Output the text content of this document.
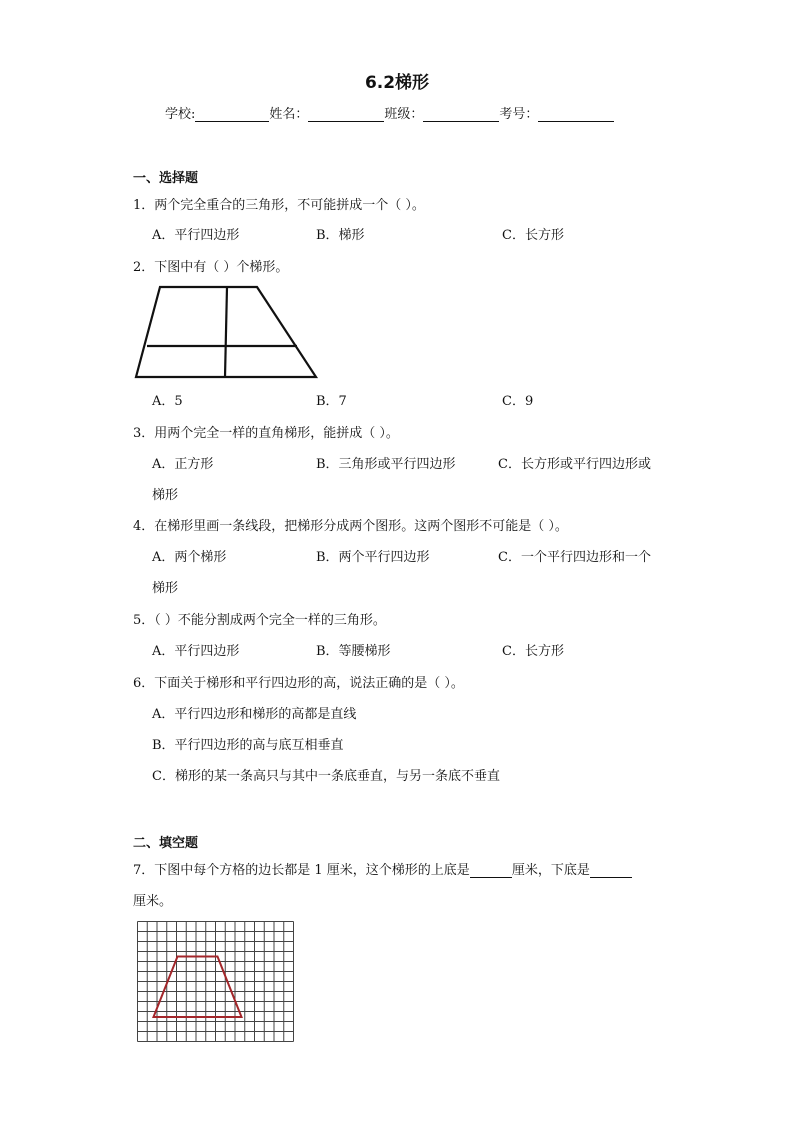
6.2梯形
学校:	姓名：	班级：	考号：
一、选择题
1．两个完全重合的三角形，不可能拼成一个（ ）。
A．平行四边形	B．梯形	C．长方形
2．下图中有（ ）个梯形。
A．5	B．7	C．9
3．用两个完全一样的直角梯形，能拼成（ ）。
A．正方形	B．三角形或平行四边形	C．长方形或平行四边形或
梯形
4．在梯形里画一条线段，把梯形分成两个图形。这两个图形不可能是（ ）。
A．两个梯形	B．两个平行四边形	C．一个平行四边形和一个
梯形
5．（ ）不能分割成两个完全一样的三角形。
A．平行四边形	B．等腰梯形	C．长方形
6．下面关于梯形和平行四边形的高，说法正确的是（ ）。
A．平行四边形和梯形的高都是直线
B．平行四边形的高与底互相垂直
C．梯形的某一条高只与其中一条底垂直，与另一条底不垂直
二、填空题
7．下图中每个方格的边长都是 1 厘米，这个梯形的上底是	厘米，下底是
厘米。
